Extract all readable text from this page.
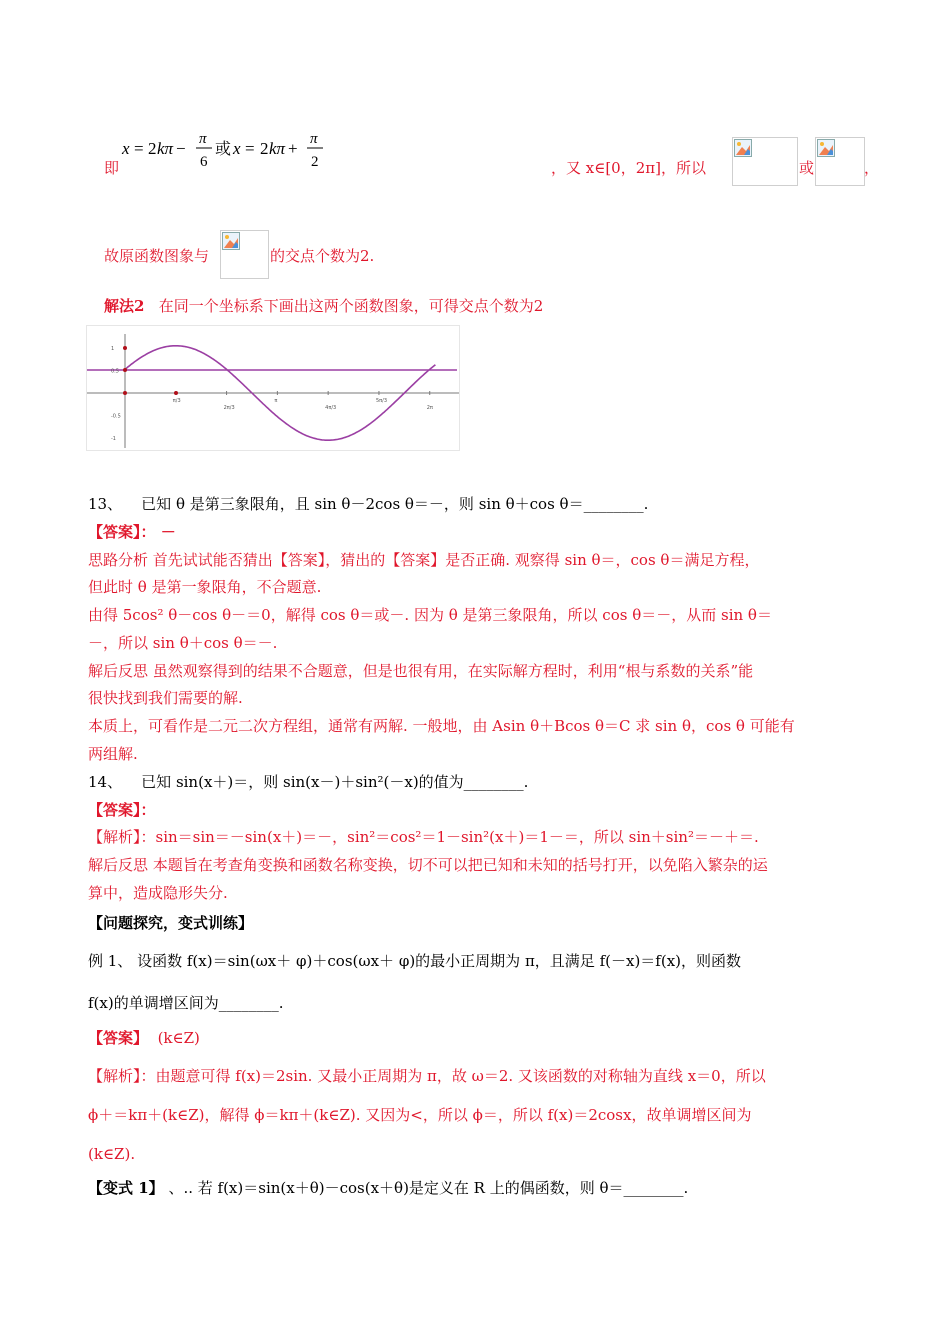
即
x = 2 kπ − π
6
或 x = 2 kπ + π
2	，又 x∈[0，2π]，所以	或	，
故原函数图象与	的交点个数为2.
解法2 在同一个坐标系下画出这两个函数图象，可得交点个数为2
π/3
2π/3
π
4π/3
5π/3
2π
1
0.5
-0.5
-1
13、 已知 θ 是第三象限角，且 sin θ－2cos θ＝－，则 sin θ＋cos θ＝________.
【答案】： －
思路分析 首先试试能否猜出【答案】，猜出的【答案】是否正确. 观察得 sin θ＝，cos θ＝满足方程，
但此时 θ 是第一象限角，不合题意.
由得 5cos² θ－cos θ－＝0，解得 cos θ＝或－. 因为 θ 是第三象限角，所以 cos θ＝－，从而 sin θ＝
－，所以 sin θ＋cos θ＝－.
解后反思 虽然观察得到的结果不合题意，但是也很有用，在实际解方程时，利用“根与系数的关系”能
很快找到我们需要的解.
本质上，可看作是二元二次方程组，通常有两解. 一般地，由 Asin θ＋Bcos θ＝C 求 sin θ，cos θ 可能有
两组解.
14、 已知 sin(x＋)＝，则 sin(x－)＋sin²(－x)的值为________.
【答案】：
【解析】：sin＝sin＝－sin(x＋)＝－，sin²＝cos²＝1－sin²(x＋)＝1－＝，所以 sin＋sin²＝－＋＝.
解后反思 本题旨在考查角变换和函数名称变换，切不可以把已知和未知的括号打开，以免陷入繁杂的运
算中，造成隐形失分.
【问题探究，变式训练】
例 1、 设函数 f(x)＝sin(ωx＋ φ)＋cos(ωx＋ φ)的最小正周期为 π，且满足 f(－x)＝f(x)，则函数
f(x)的单调增区间为________.
【答案】 (k∈Z)
【解析】：由题意可得 f(x)＝2sin. 又最小正周期为 π，故 ω＝2. 又该函数的对称轴为直线 x＝0，所以
ϕ＋＝kπ＋(k∈Z)，解得 ϕ＝kπ＋(k∈Z). 又因为<，所以 ϕ＝，所以 f(x)＝2cosx，故单调增区间为
(k∈Z).
【变式 1】 、.. 若 f(x)＝sin(x＋θ)－cos(x＋θ)是定义在 R 上的偶函数，则 θ＝________.
